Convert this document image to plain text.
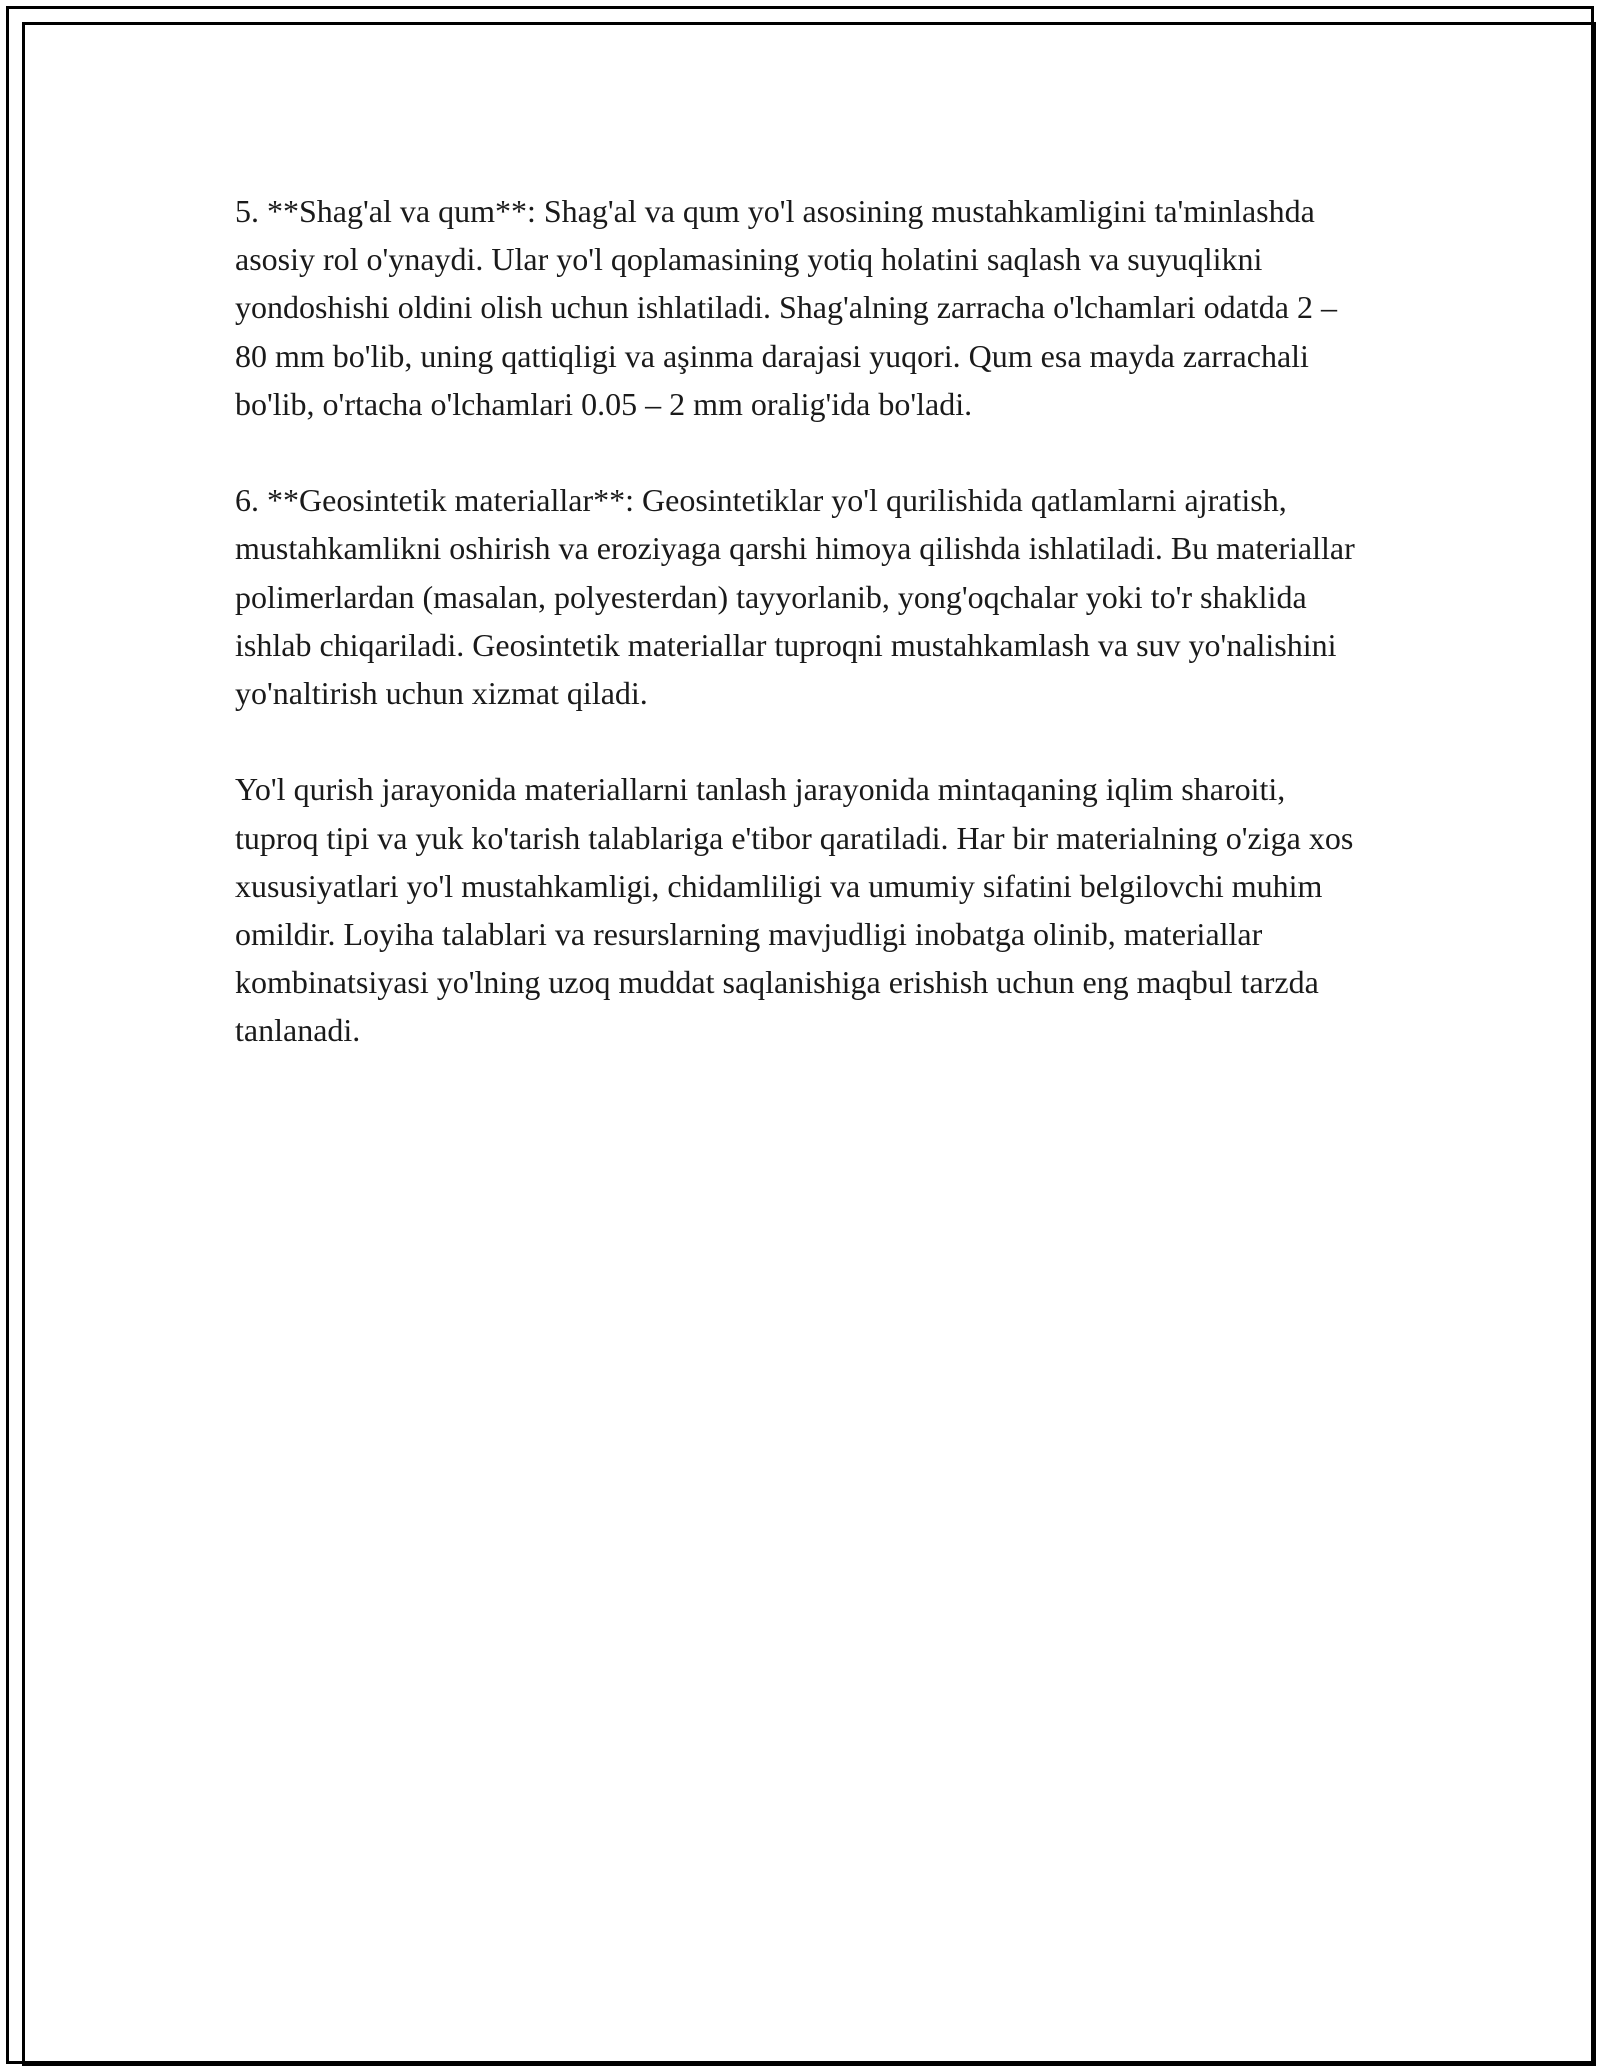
5. **Shag'al va qum**: Shag'al va qum yo'l asosining mustahkamligini ta'minlashda asosiy rol o'ynaydi. Ular yo'l qoplamasining yotiq holatini saqlash va suyuqlikni yondoshishi oldini olish uchun ishlatiladi. Shag'alning zarracha o'lchamlari odatda 2 – 80 mm bo'lib, uning qattiqligi va aşinma darajasi yuqori. Qum esa mayda zarrachali bo'lib, o'rtacha o'lchamlari 0.05 – 2 mm oralig'ida bo'ladi.

6. **Geosintetik materiallar**: Geosintetiklar yo'l qurilishida qatlamlarni ajratish, mustahkamlikni oshirish va eroziyaga qarshi himoya qilishda ishlatiladi. Bu materiallar polimerlardan (masalan, polyesterdan) tayyorlanib, yong'oqchalar yoki to'r shaklida ishlab chiqariladi. Geosintetik materiallar tuproqni mustahkamlash va suv yo'nalishini yo'naltirish uchun xizmat qiladi.

Yo'l qurish jarayonida materiallarni tanlash jarayonida mintaqaning iqlim sharoiti, tuproq tipi va yuk ko'tarish talablariga e'tibor qaratiladi. Har bir materialning o'ziga xos xususiyatlari yo'l mustahkamligi, chidamliligi va umumiy sifatini belgilovchi muhim omildir. Loyiha talablari va resurslarning mavjudligi inobatga olinib, materiallar kombinatsiyasi yo'lning uzoq muddat saqlanishiga erishish uchun eng maqbul tarzda tanlanadi.
